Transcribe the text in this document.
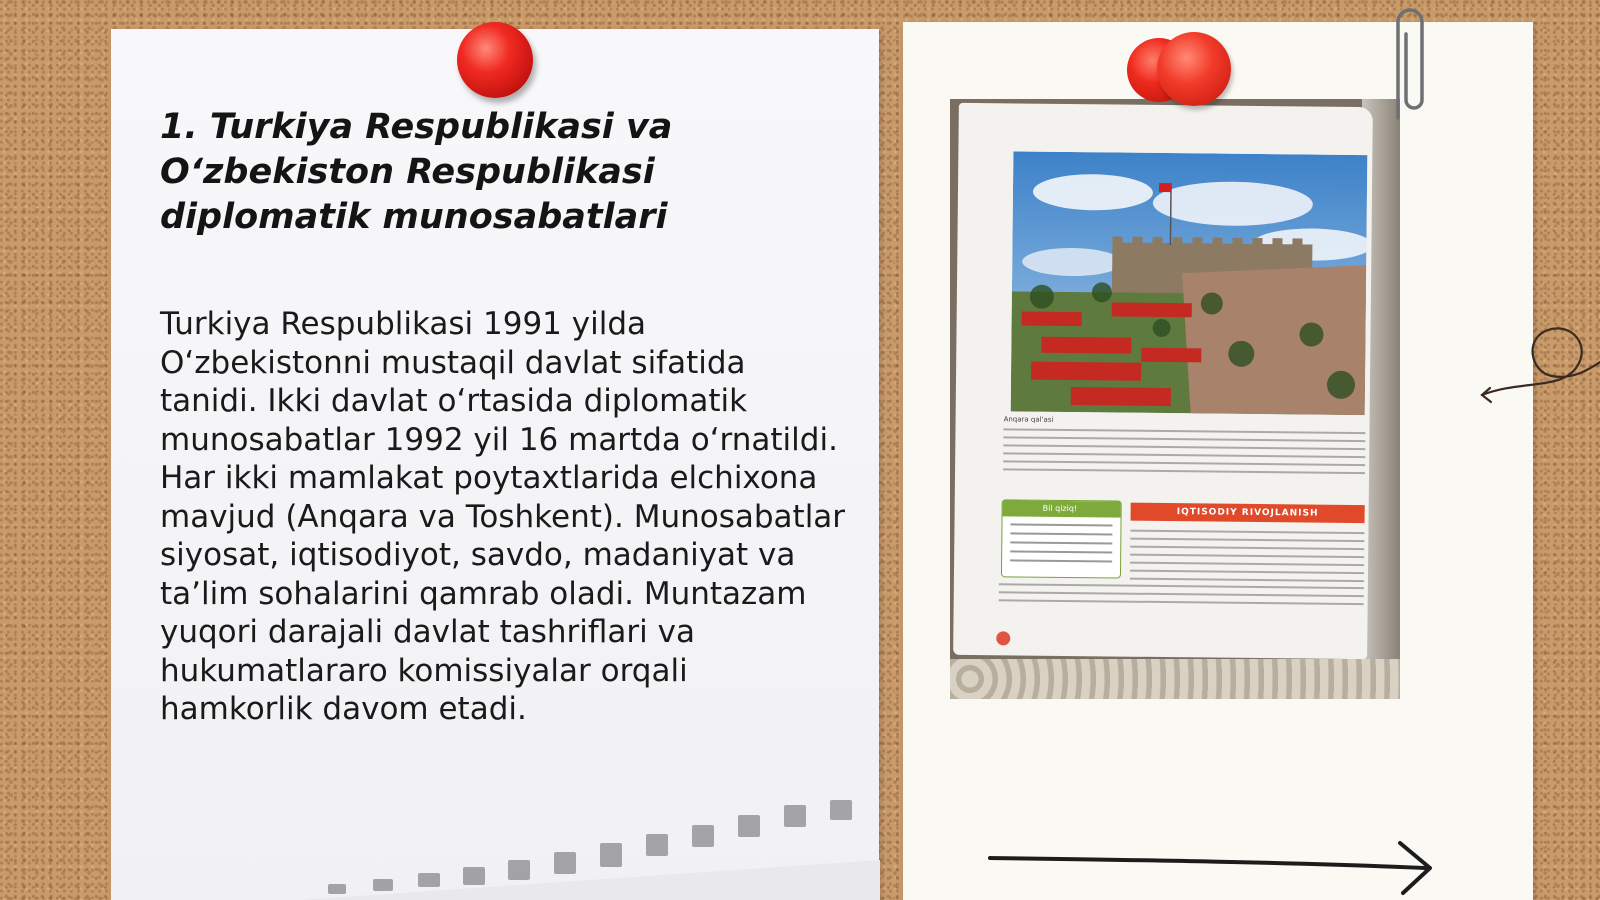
1. Turkiya Respublikasi va O‘zbekiston Respublikasi diplomatik munosabatlari

Turkiya Respublikasi 1991 yilda O‘zbekistonni mustaqil davlat sifatida tanidi. Ikki davlat o‘rtasida diplomatik munosabatlar 1992 yil 16 martda o‘rnatildi. Har ikki mamlakat poytaxtlarida elchixona mavjud (Anqara va Toshkent). Munosabatlar siyosat, iqtisodiyot, savdo, madaniyat va ta’lim sohalarini qamrab oladi. Muntazam yuqori darajali davlat tashriflari va hukumatlararo komissiyalar orqali hamkorlik davom etadi.

Anqara qal'asi
Bil qiziq!	IQTISODIY RIVOJLANISH
